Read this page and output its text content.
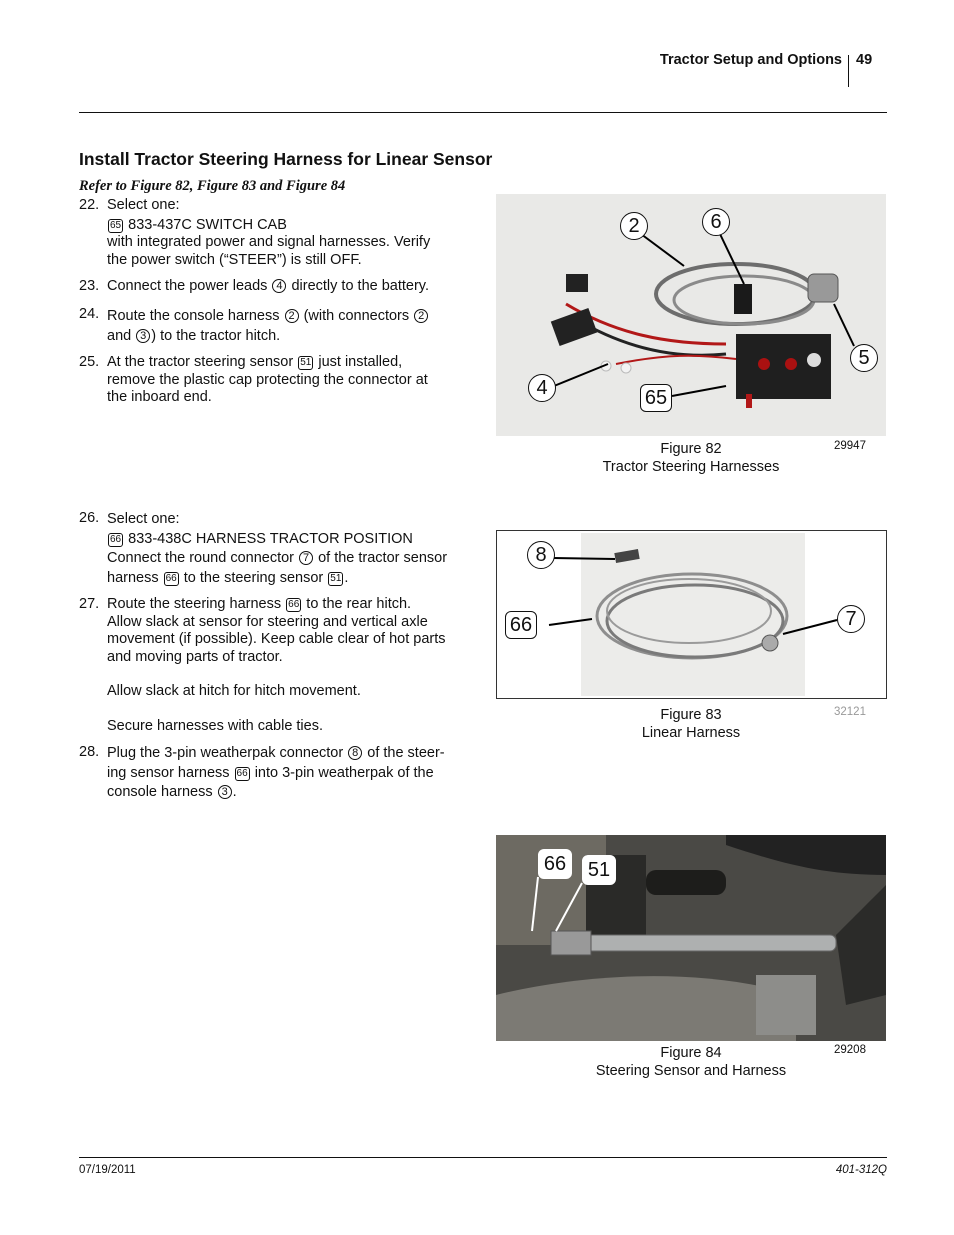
Tractor Setup and Options 49
Install Tractor Steering Harness for Linear Sensor
Refer to Figure 82, Figure 83 and Figure 84
22. Select one:
65 833-437C SWITCH CAB
with integrated power and signal harnesses. Verify
the power switch (“STEER”) is still OFF.
23. Connect the power leads 4 directly to the battery.
24. Route the console harness 2 (with connectors 2
and 3 ) to the tractor hitch.
25. At the tractor steering sensor 51 just installed,
remove the plastic cap protecting the connector at
the inboard end.
26. Select one:
66 833-438C HARNESS TRACTOR POSITION
Connect the round connector 7 of the tractor sensor
harness 66 to the steering sensor 51 .
27. Route the steering harness 66 to the rear hitch.
Allow slack at sensor for steering and vertical axle
movement (if possible). Keep cable clear of hot parts
and moving parts of tractor.
Allow slack at hitch for hitch movement.
Secure harnesses with cable ties.
28. Plug the 3-pin weatherpak connector 8 of the steer-
ing sensor harness 66 into 3-pin weatherpak of the
console harness 3 .
2	6
5
4	65
Figure 82
Tractor Steering Harnesses
29947
8
66	7
Figure 83
Linear Harness
32121
66 51
Figure 84
Steering Sensor and Harness
29208
07/19/2011	401-312Q
